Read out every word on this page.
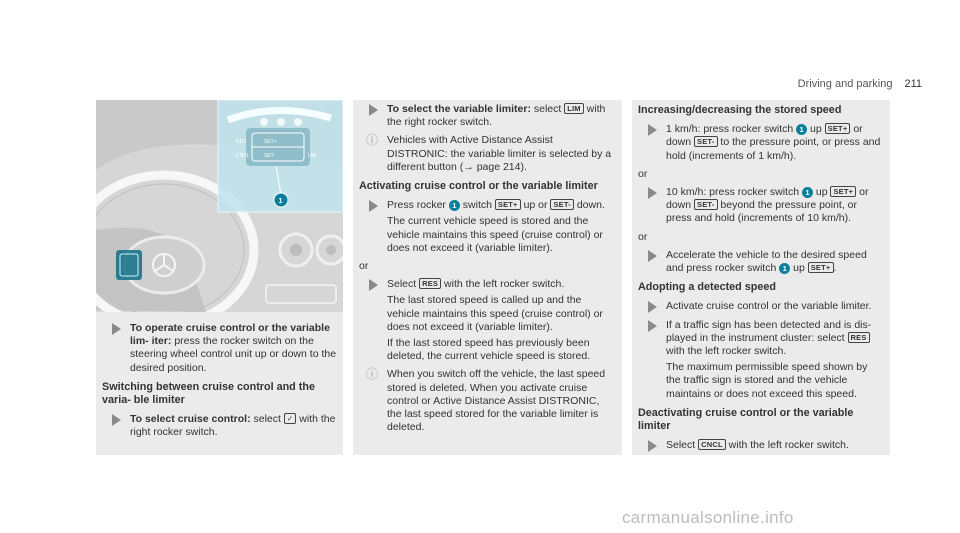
Driving and parking 211
SET+
SET-
CNCL	LIM
RES
1

To operate cruise control or the variable lim- iter: press the rocker switch on the steering wheel control unit up or down to the desired position.

Switching between cruise control and the varia- ble limiter

To select cruise control: select ✓ with the right rocker switch.

To select the variable limiter: select LIM with the right rocker switch.

ⓘ Vehicles with Active Distance Assist DISTRONIC: the variable limiter is selected by a different button (→ page 214).

Activating cruise control or the variable limiter

Press rocker 1 switch SET+ up or SET- down.

The current vehicle speed is stored and the vehicle maintains this speed (cruise control) or does not exceed it (variable limiter).

or

Select RES with the left rocker switch.

The last stored speed is called up and the vehicle maintains this speed (cruise control) or does not exceed it (variable limiter).

If the last stored speed has previously been deleted, the current vehicle speed is stored.

ⓘ When you switch off the vehicle, the last speed stored is deleted. When you activate cruise control or Active Distance Assist DISTRONIC, the last speed stored for the variable limiter is deleted.

Increasing/decreasing the stored speed

1 km/h: press rocker switch 1 up SET+ or down SET- to the pressure point, or press and hold (increments of 1 km/h).

or

10 km/h: press rocker switch 1 up SET+ or down SET- beyond the pressure point, or press and hold (increments of 10 km/h).

or

Accelerate the vehicle to the desired speed and press rocker switch 1 up SET+ .

Adopting a detected speed

Activate cruise control or the variable limiter.

If a traffic sign has been detected and is dis- played in the instrument cluster: select RES with the left rocker switch.

The maximum permissible speed shown by the traffic sign is stored and the vehicle maintains or does not exceed this speed.

Deactivating cruise control or the variable limiter

Select CNCL with the left rocker switch.

carmanualsonline.info
